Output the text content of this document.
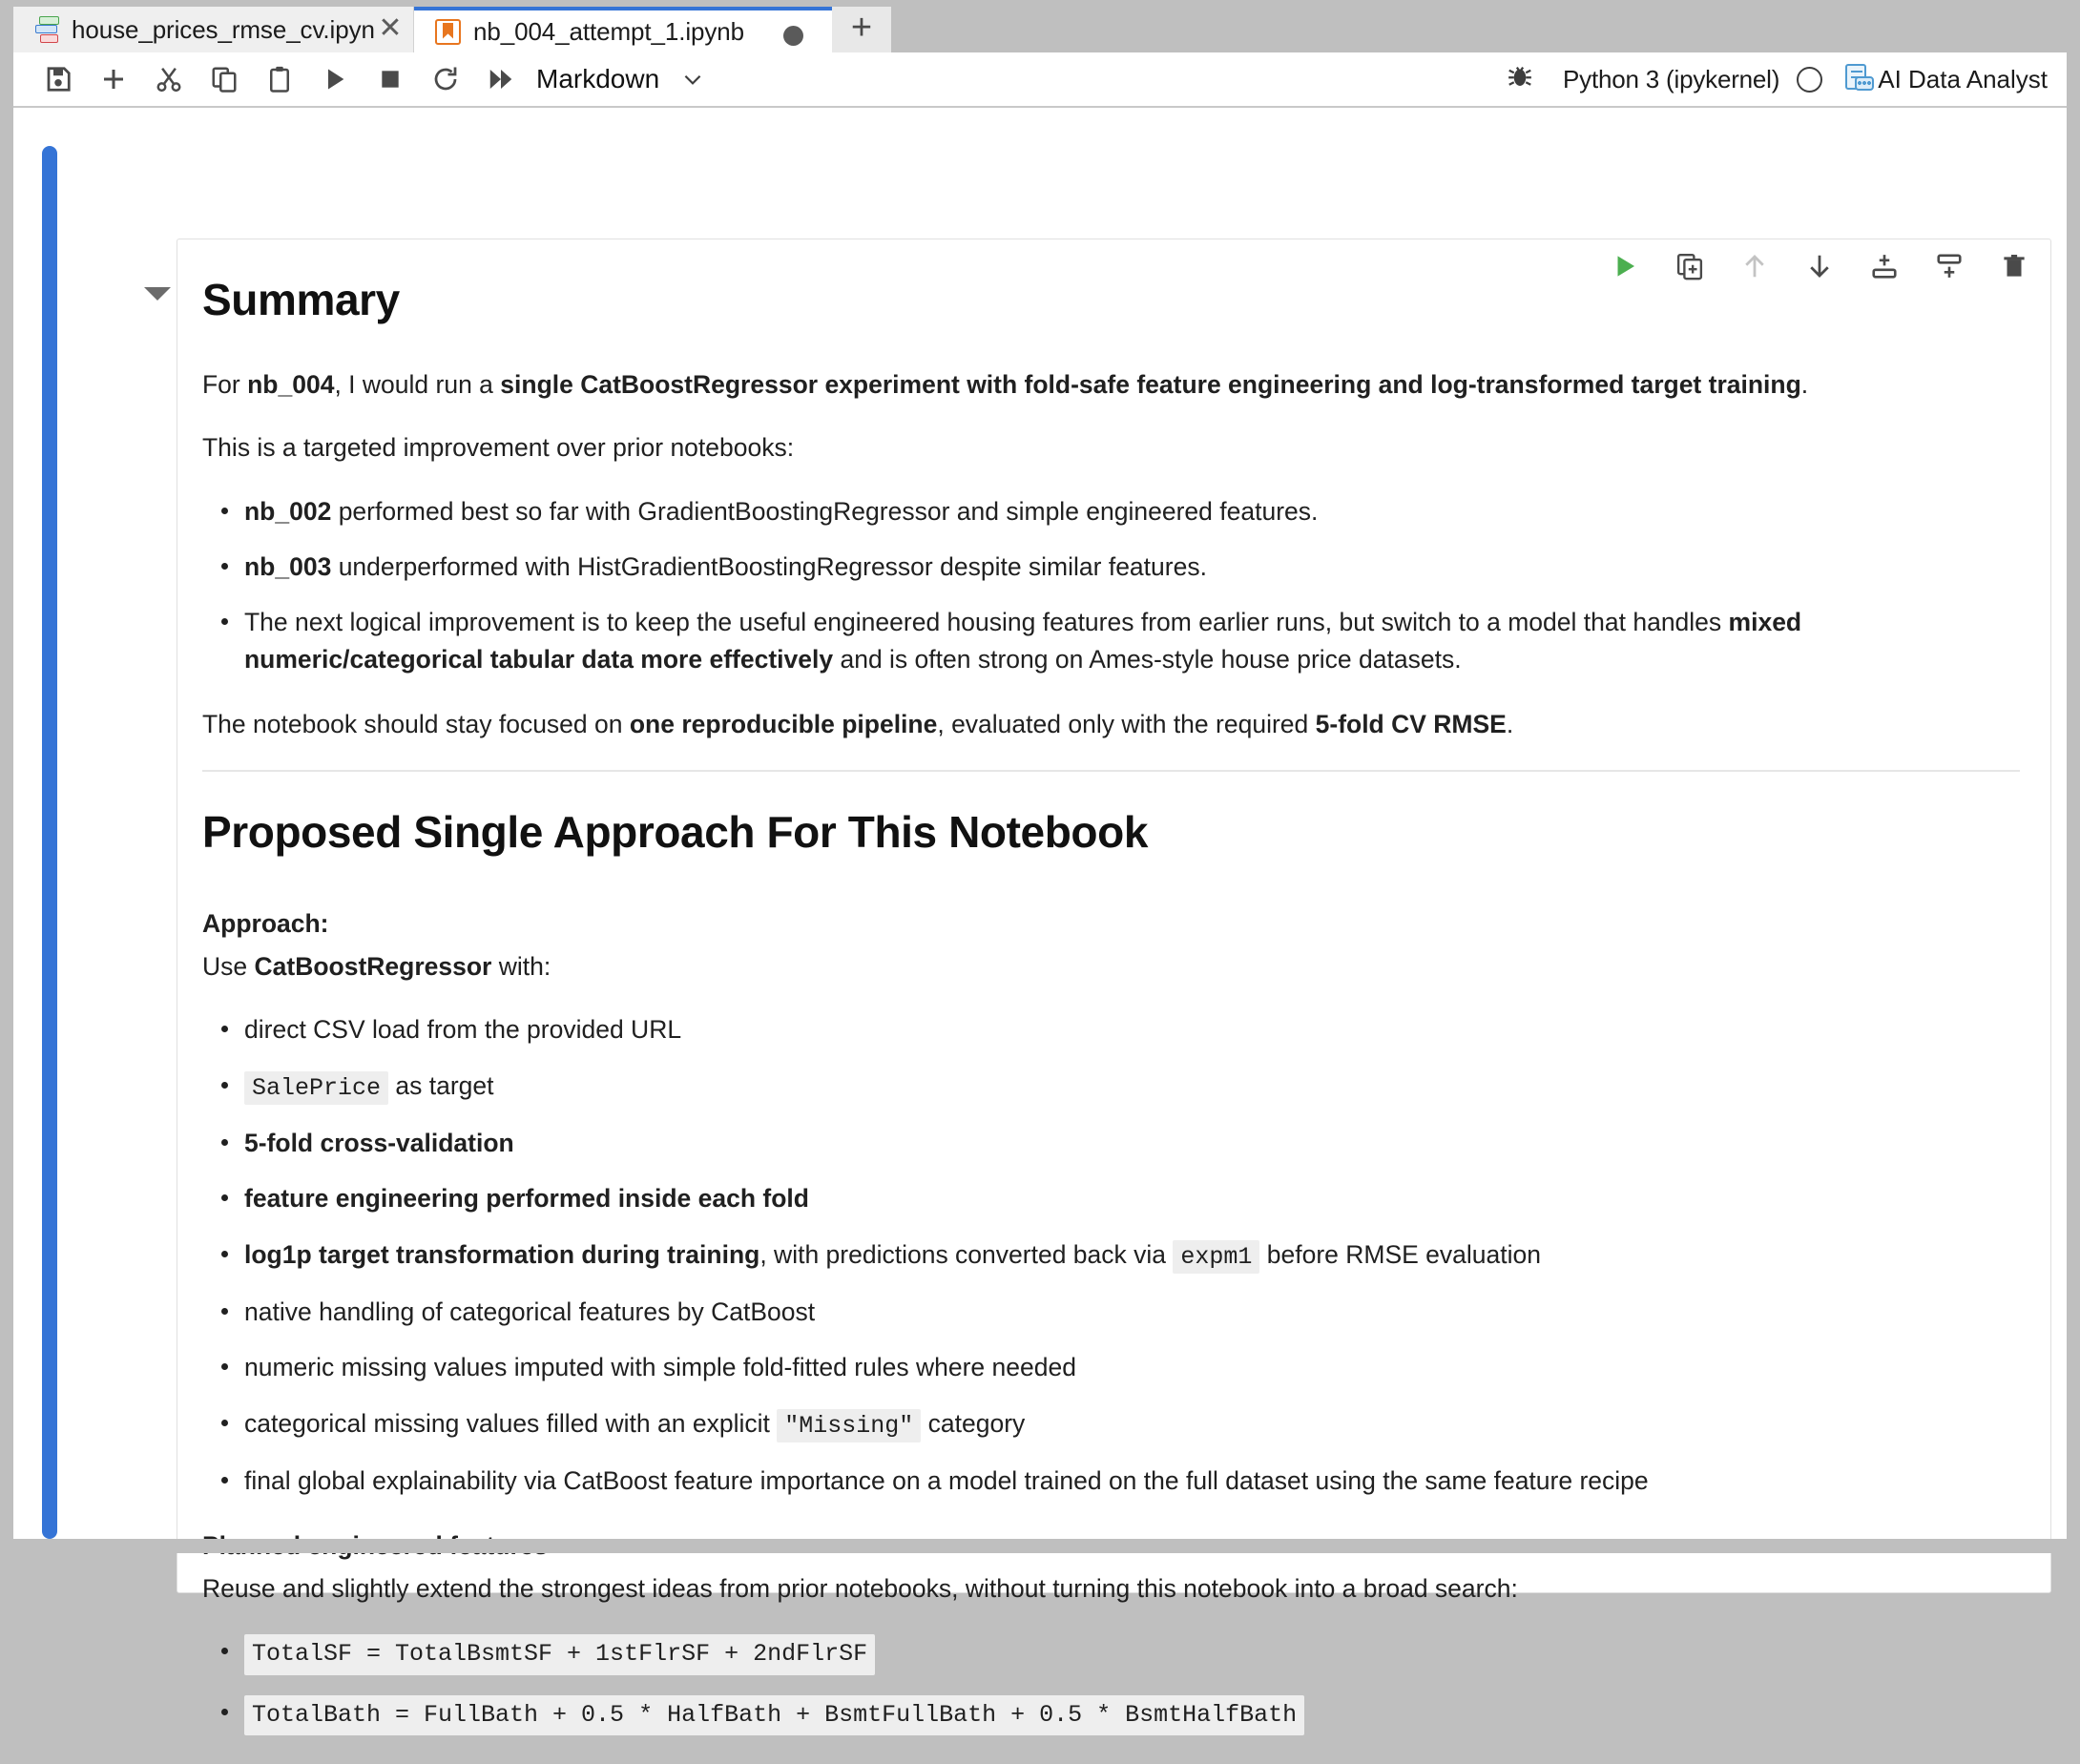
house_prices_rmse_cv.ipyn ✕	nb_004_attempt_1.ipynb	+
Markdown	Python 3 (ipykernel)	AI Data Analyst
Summary

For nb_004, I would run a single CatBoostRegressor experiment with fold-safe feature engineering and log-transformed target training.

This is a targeted improvement over prior notebooks:

nb_002 performed best so far with GradientBoostingRegressor and simple engineered features.
nb_003 underperformed with HistGradientBoostingRegressor despite similar features.
The next logical improvement is to keep the useful engineered housing features from earlier runs, but switch to a model that handles mixed numeric/categorical tabular data more effectively and is often strong on Ames-style house price datasets.

The notebook should stay focused on one reproducible pipeline, evaluated only with the required 5-fold CV RMSE.

Proposed Single Approach For This Notebook

Approach:

Use CatBoostRegressor with:

direct CSV load from the provided URL
SalePrice as target
5-fold cross-validation
feature engineering performed inside each fold
log1p target transformation during training, with predictions converted back via expm1 before RMSE evaluation
native handling of categorical features by CatBoost
numeric missing values imputed with simple fold-fitted rules where needed
categorical missing values filled with an explicit "Missing" category
final global explainability via CatBoost feature importance on a model trained on the full dataset using the same feature recipe

Reuse and slightly extend the strongest ideas from prior notebooks, without turning this notebook into a broad search:

TotalSF = TotalBsmtSF + 1stFlrSF + 2ndFlrSF
TotalBath = FullBath + 0.5 * HalfBath + BsmtFullBath + 0.5 * BsmtHalfBath
